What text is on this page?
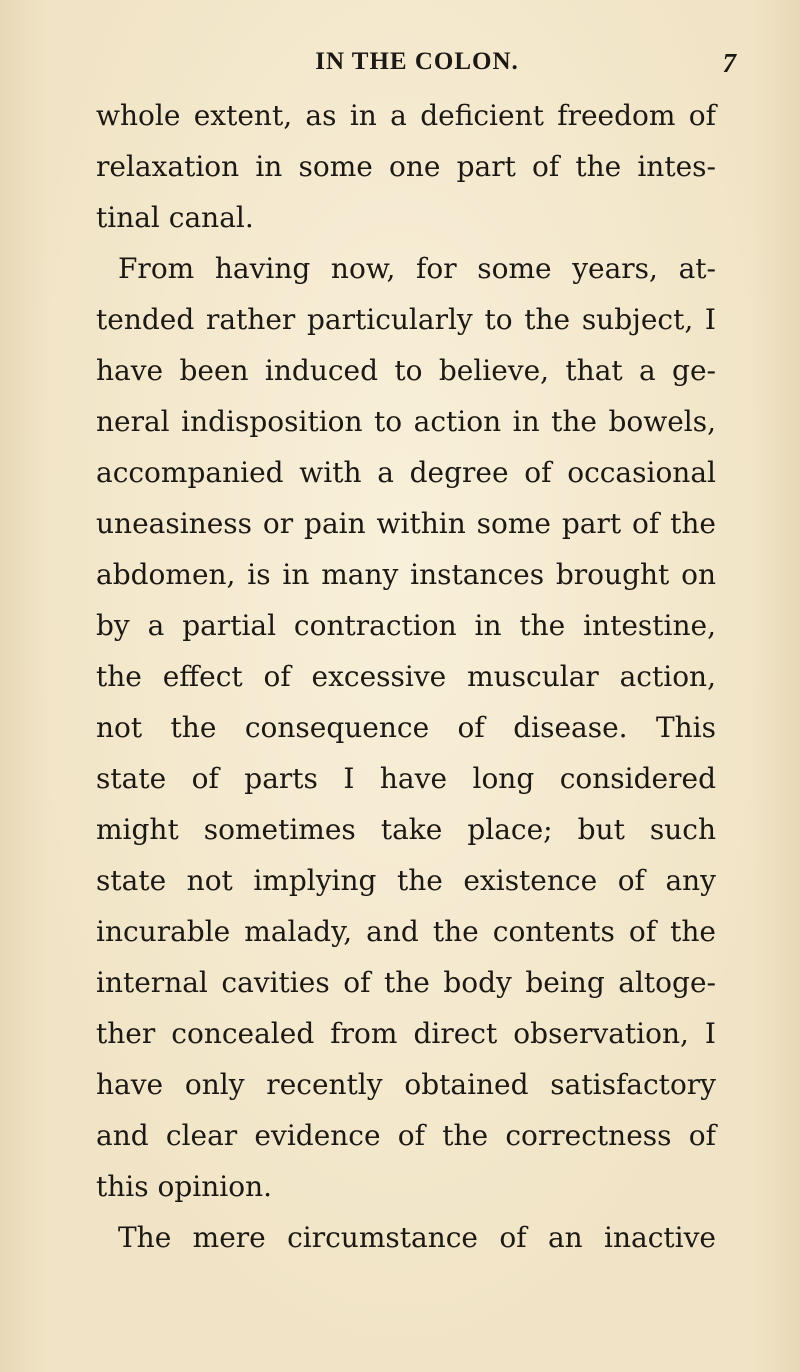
IN THE COLON.	7
whole extent, as in a deficient freedom of
relaxation in some one part of the intes-
tinal canal.
From having now, for some years, at-
tended rather particularly to the subject, I
have been induced to believe, that a ge-
neral indisposition to action in the bowels,
accompanied with a degree of occasional
uneasiness or pain within some part of the
abdomen, is in many instances brought on
by a partial contraction in the intestine,
the effect of excessive muscular action,
not the consequence of disease. This
state of parts I have long considered
might sometimes take place; but such
state not implying the existence of any
incurable malady, and the contents of the
internal cavities of the body being altoge-
ther concealed from direct observation, I
have only recently obtained satisfactory
and clear evidence of the correctness of
this opinion.
The mere circumstance of an inactive
